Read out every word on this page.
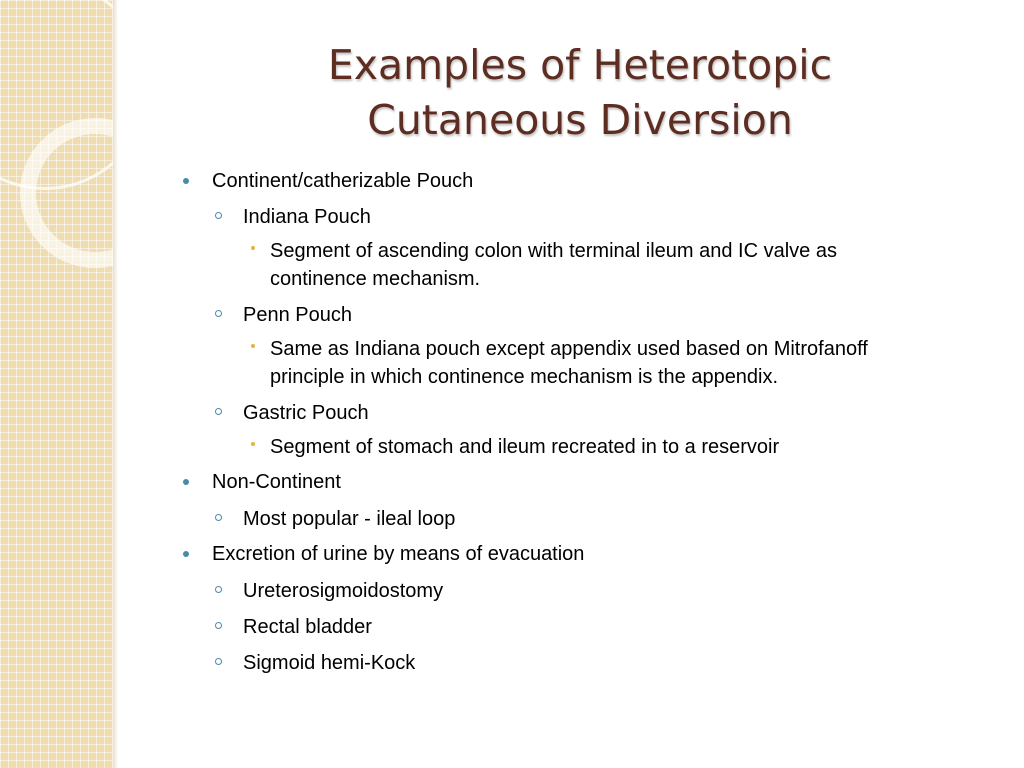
Examples of Heterotopic
Cutaneous Diversion
Continent/catherizable Pouch
Indiana Pouch
Segment of ascending colon with terminal ileum and IC valve as
continence mechanism.
Penn Pouch
Same as Indiana pouch except appendix used based on Mitrofanoff
principle in which continence mechanism is the appendix.
Gastric Pouch
Segment of stomach and ileum recreated in to a reservoir
Non-Continent
Most popular - ileal loop
Excretion of urine by means of evacuation
Ureterosigmoidostomy
Rectal bladder
Sigmoid hemi-Kock
